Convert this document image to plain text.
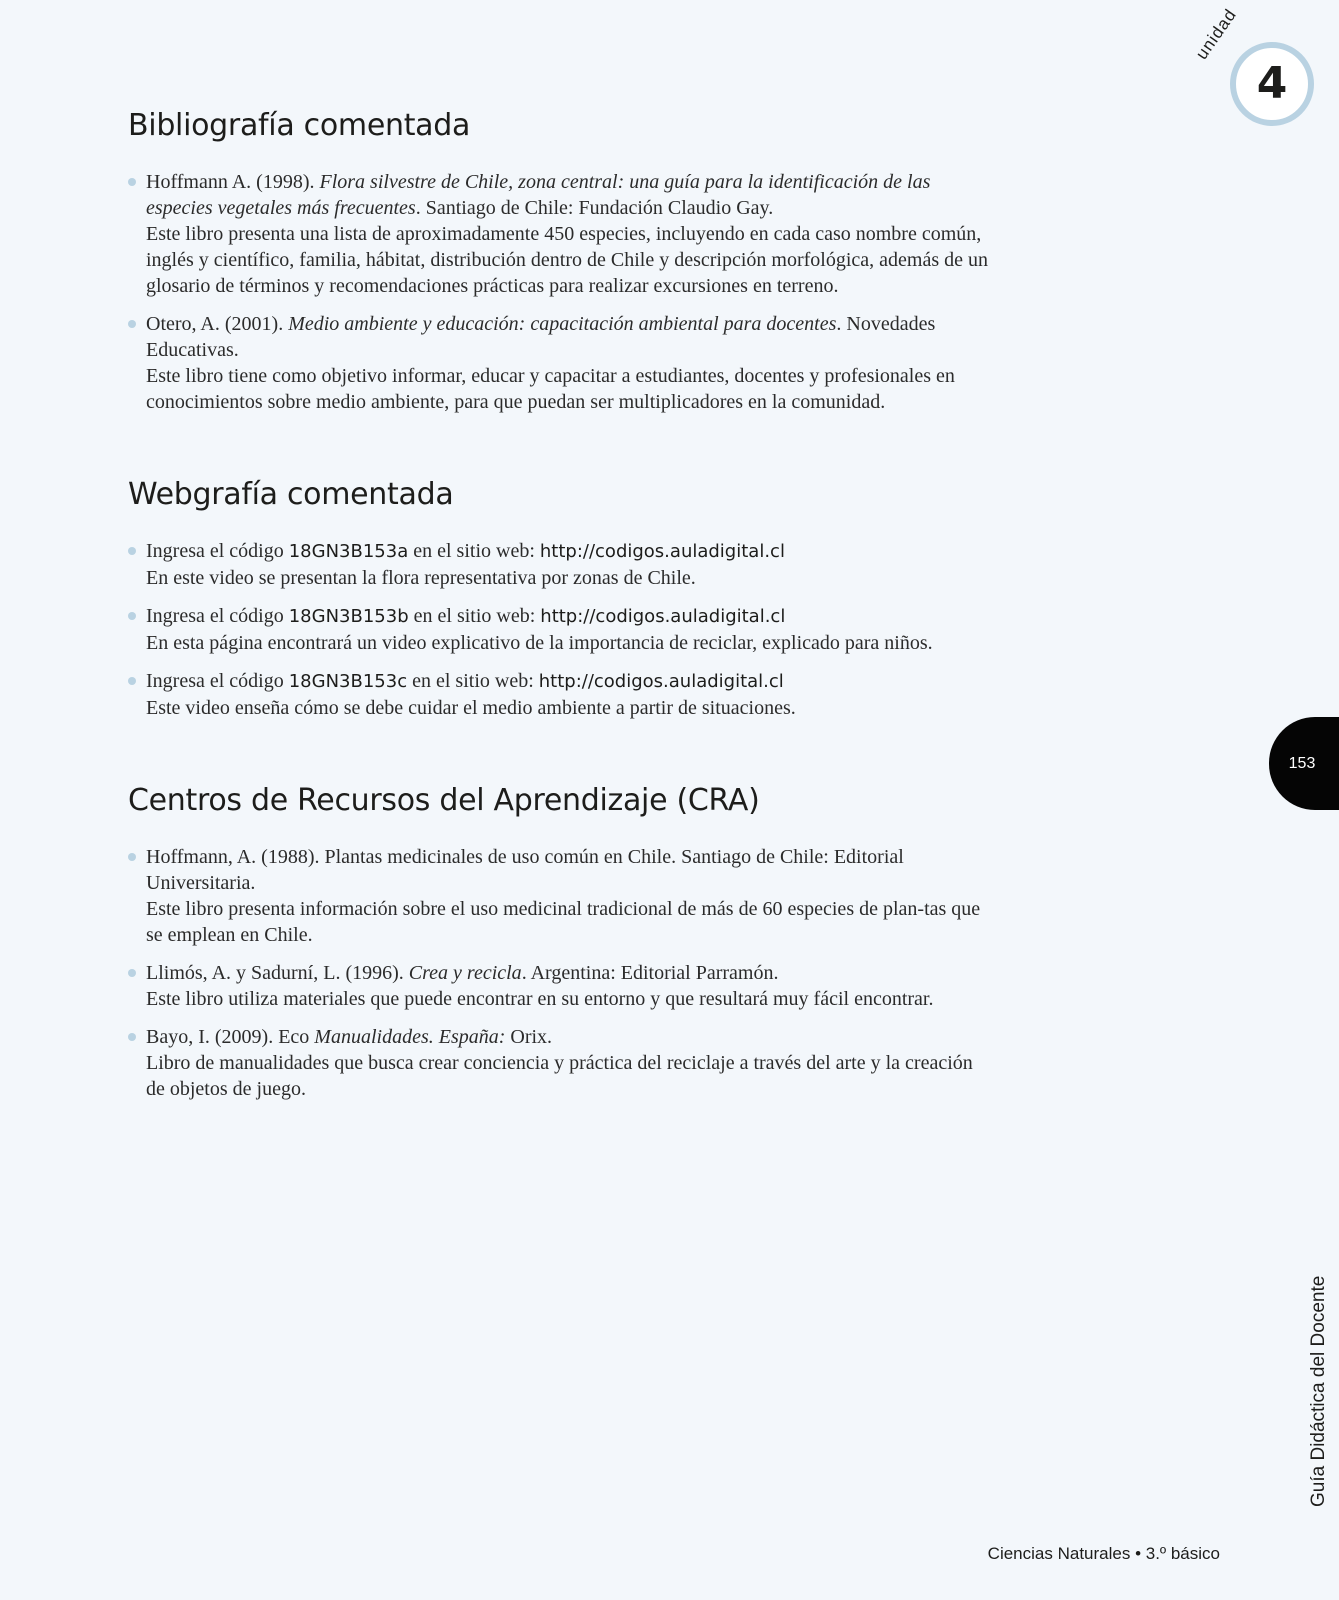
unidad
4
Bibliografía comentada
Hoffmann A. (1998). Flora silvestre de Chile, zona central: una guía para la identificación de las especies vegetales más frecuentes. Santiago de Chile: Fundación Claudio Gay.
Este libro presenta una lista de aproximadamente 450 especies, incluyendo en cada caso nombre común, inglés y científico, familia, hábitat, distribución dentro de Chile y descripción morfológica, además de un glosario de términos y recomendaciones prácticas para realizar excursiones en terreno.
Otero, A. (2001). Medio ambiente y educación: capacitación ambiental para docentes. Novedades Educativas.
Este libro tiene como objetivo informar, educar y capacitar a estudiantes, docentes y profesionales en conocimientos sobre medio ambiente, para que puedan ser multiplicadores en la comunidad.
Webgrafía comentada
Ingresa el código 18GN3B153a en el sitio web: http://codigos.auladigital.cl
En este video se presentan la flora representativa por zonas de Chile.
Ingresa el código 18GN3B153b en el sitio web: http://codigos.auladigital.cl
En esta página encontrará un video explicativo de la importancia de reciclar, explicado para niños.
Ingresa el código 18GN3B153c en el sitio web: http://codigos.auladigital.cl
Este video enseña cómo se debe cuidar el medio ambiente a partir de situaciones.
Centros de Recursos del Aprendizaje (CRA)
Hoffmann, A. (1988). Plantas medicinales de uso común en Chile. Santiago de Chile: Editorial Universitaria.
Este libro presenta información sobre el uso medicinal tradicional de más de 60 especies de plan-tas que se emplean en Chile.
Llimós, A. y Sadurní, L. (1996). Crea y recicla. Argentina: Editorial Parramón.
Este libro utiliza materiales que puede encontrar en su entorno y que resultará muy fácil encontrar.
Bayo, I. (2009). Eco Manualidades. España: Orix.
Libro de manualidades que busca crear conciencia y práctica del reciclaje a través del arte y la creación de objetos de juego.
153
Guía Didáctica del Docente
Ciencias Naturales • 3.º básico
